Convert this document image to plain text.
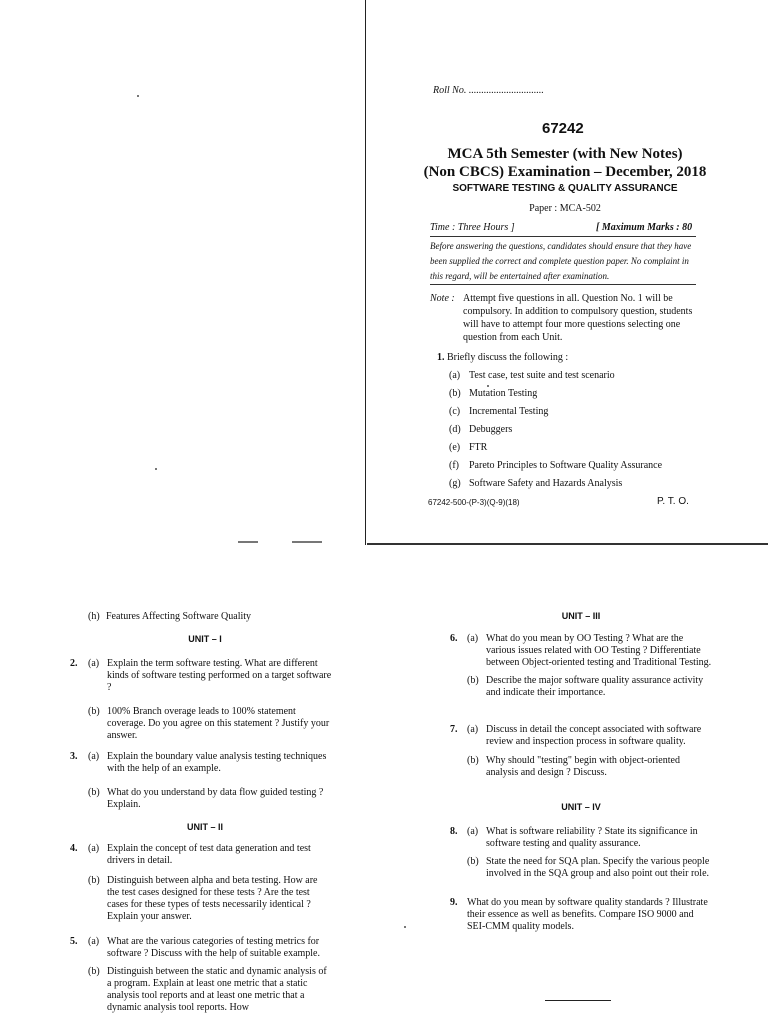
Roll No. ..............................
67242
MCA 5th Semester (with New Notes)
(Non CBCS) Examination – December, 2018
SOFTWARE TESTING & QUALITY ASSURANCE
Paper : MCA-502
Time : Three Hours ]	[ Maximum Marks : 80
Before answering the questions, candidates should ensure that they have been supplied the correct and complete question paper. No complaint in this regard, will be entertained after examination.
Note : Attempt five questions in all. Question No. 1 will be compulsory. In addition to compulsory question, students will have to attempt four more questions selecting one question from each Unit.
1. Briefly discuss the following :
(a) Test case, test suite and test scenario
(b) Mutation Testing
(c) Incremental Testing
(d) Debuggers
(e) FTR
(f) Pareto Principles to Software Quality Assurance
(g) Software Safety and Hazards Analysis
67242-500-(P-3)(Q-9)(18)	P. T. O.
(h) Features Affecting Software Quality
UNIT – I
2. (a) Explain the term software testing. What are different kinds of software testing performed on a target software ?
(b) 100% Branch overage leads to 100% statement coverage. Do you agree on this statement ? Justify your answer.
3. (a) Explain the boundary value analysis testing techniques with the help of an example.
(b) What do you understand by data flow guided testing ? Explain.
UNIT – II
4. (a) Explain the concept of test data generation and test drivers in detail.
(b) Distinguish between alpha and beta testing. How are the test cases designed for these tests ? Are the test cases for these types of tests necessarily identical ? Explain your answer.
5. (a) What are the various categories of testing metrics for software ? Discuss with the help of suitable example.
(b) Distinguish between the static and dynamic analysis of a program. Explain at least one metric that a static analysis tool reports and at least one metric that a dynamic analysis tool reports. How
UNIT – III
6. (a) What do you mean by OO Testing ? What are the various issues related with OO Testing ? Differentiate between Object-oriented testing and Traditional Testing.
(b) Describe the major software quality assurance activity and indicate their importance.
7. (a) Discuss in detail the concept associated with software review and inspection process in software quality.
(b) Why should "testing" begin with object-oriented analysis and design ? Discuss.
UNIT – IV
8. (a) What is software reliability ? State its significance in software testing and quality assurance.
(b) State the need for SQA plan. Specify the various people involved in the SQA group and also point out their role.
9. What do you mean by software quality standards ? Illustrate their essence as well as benefits. Compare ISO 9000 and SEI-CMM quality models.
